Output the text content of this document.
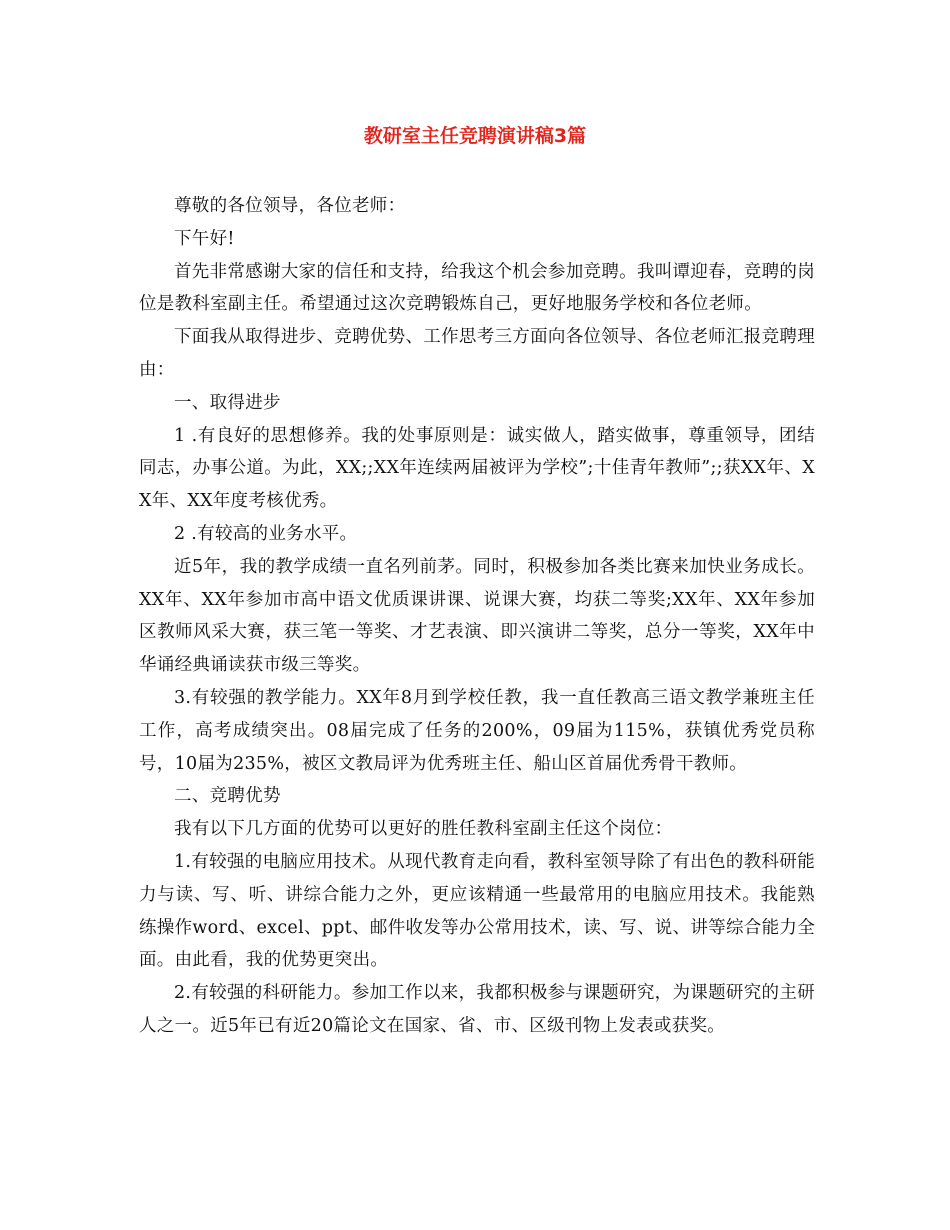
教研室主任竞聘演讲稿3篇

尊敬的各位领导，各位老师：

下午好!

首先非常感谢大家的信任和支持，给我这个机会参加竞聘。我叫谭迎春，竞聘的岗位是教科室副主任。希望通过这次竞聘锻炼自己，更好地服务学校和各位老师。

下面我从取得进步、竞聘优势、工作思考三方面向各位领导、各位老师汇报竞聘理由：

一、取得进步

1 .有良好的思想修养。我的处事原则是：诚实做人，踏实做事，尊重领导，团结同志，办事公道。为此，XX;;XX年连续两届被评为学校”;十佳青年教师”;;获XX年、XX年、XX年度考核优秀。

2 .有较高的业务水平。

近5年，我的教学成绩一直名列前茅。同时，积极参加各类比赛来加快业务成长。XX年、XX年参加市高中语文优质课讲课、说课大赛，均获二等奖;XX年、XX年参加区教师风采大赛，获三笔一等奖、才艺表演、即兴演讲二等奖，总分一等奖，XX年中华诵经典诵读获市级三等奖。

3.有较强的教学能力。XX年8月到学校任教，我一直任教高三语文教学兼班主任工作，高考成绩突出。08届完成了任务的200%，09届为115%，获镇优秀党员称号，10届为235%，被区文教局评为优秀班主任、船山区首届优秀骨干教师。

二、竞聘优势

我有以下几方面的优势可以更好的胜任教科室副主任这个岗位：

1.有较强的电脑应用技术。从现代教育走向看，教科室领导除了有出色的教科研能力与读、写、听、讲综合能力之外，更应该精通一些最常用的电脑应用技术。我能熟练操作word、excel、ppt、邮件收发等办公常用技术，读、写、说、讲等综合能力全面。由此看，我的优势更突出。

2.有较强的科研能力。参加工作以来，我都积极参与课题研究，为课题研究的主研人之一。近5年已有近20篇论文在国家、省、市、区级刊物上发表或获奖。
